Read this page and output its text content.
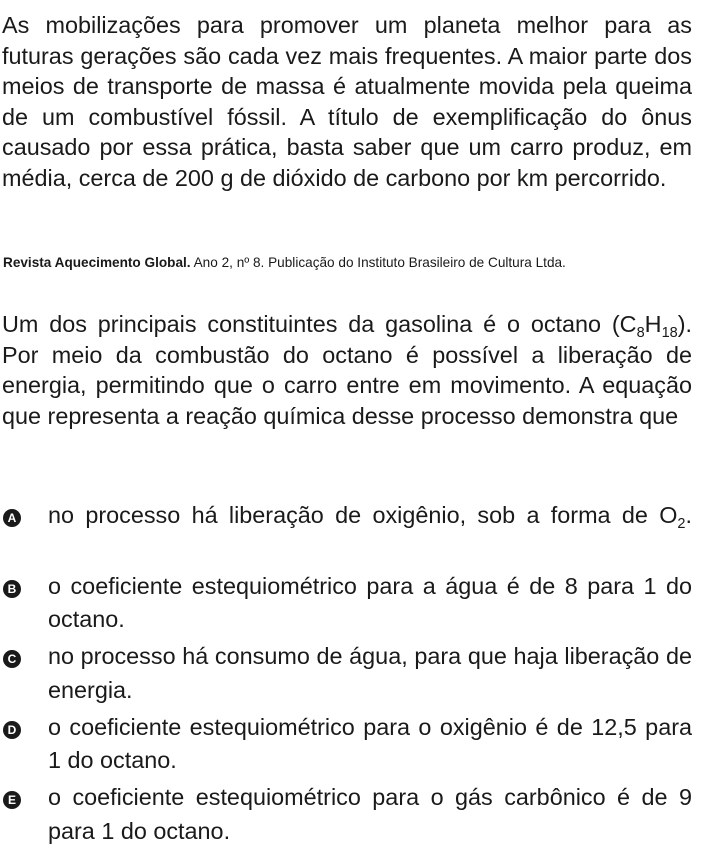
As mobilizações para promover um planeta melhor para as futuras gerações são cada vez mais frequentes. A maior parte dos meios de transporte de massa é atualmente movida pela queima de um combustível fóssil. A título de exemplificação do ônus causado por essa prática, basta saber que um carro produz, em média, cerca de 200 g de dióxido de carbono por km percorrido.

Revista Aquecimento Global. Ano 2, nº 8. Publicação do Instituto Brasileiro de Cultura Ltda.

Um dos principais constituintes da gasolina é o octano $(C_8H_{18})$. Por meio da combustão do octano é possível a liberação de energia, permitindo que o carro entre em movimento. A equação que representa a reação química desse processo demonstra que

A no processo há liberação de oxigênio, sob a forma de $O_2$.
B o coeficiente estequiométrico para a água é de 8 para 1 do octano.
C no processo há consumo de água, para que haja liberação de energia.
D o coeficiente estequiométrico para o oxigênio é de 12,5 para 1 do octano.
E o coeficiente estequiométrico para o gás carbônico é de 9 para 1 do octano.
